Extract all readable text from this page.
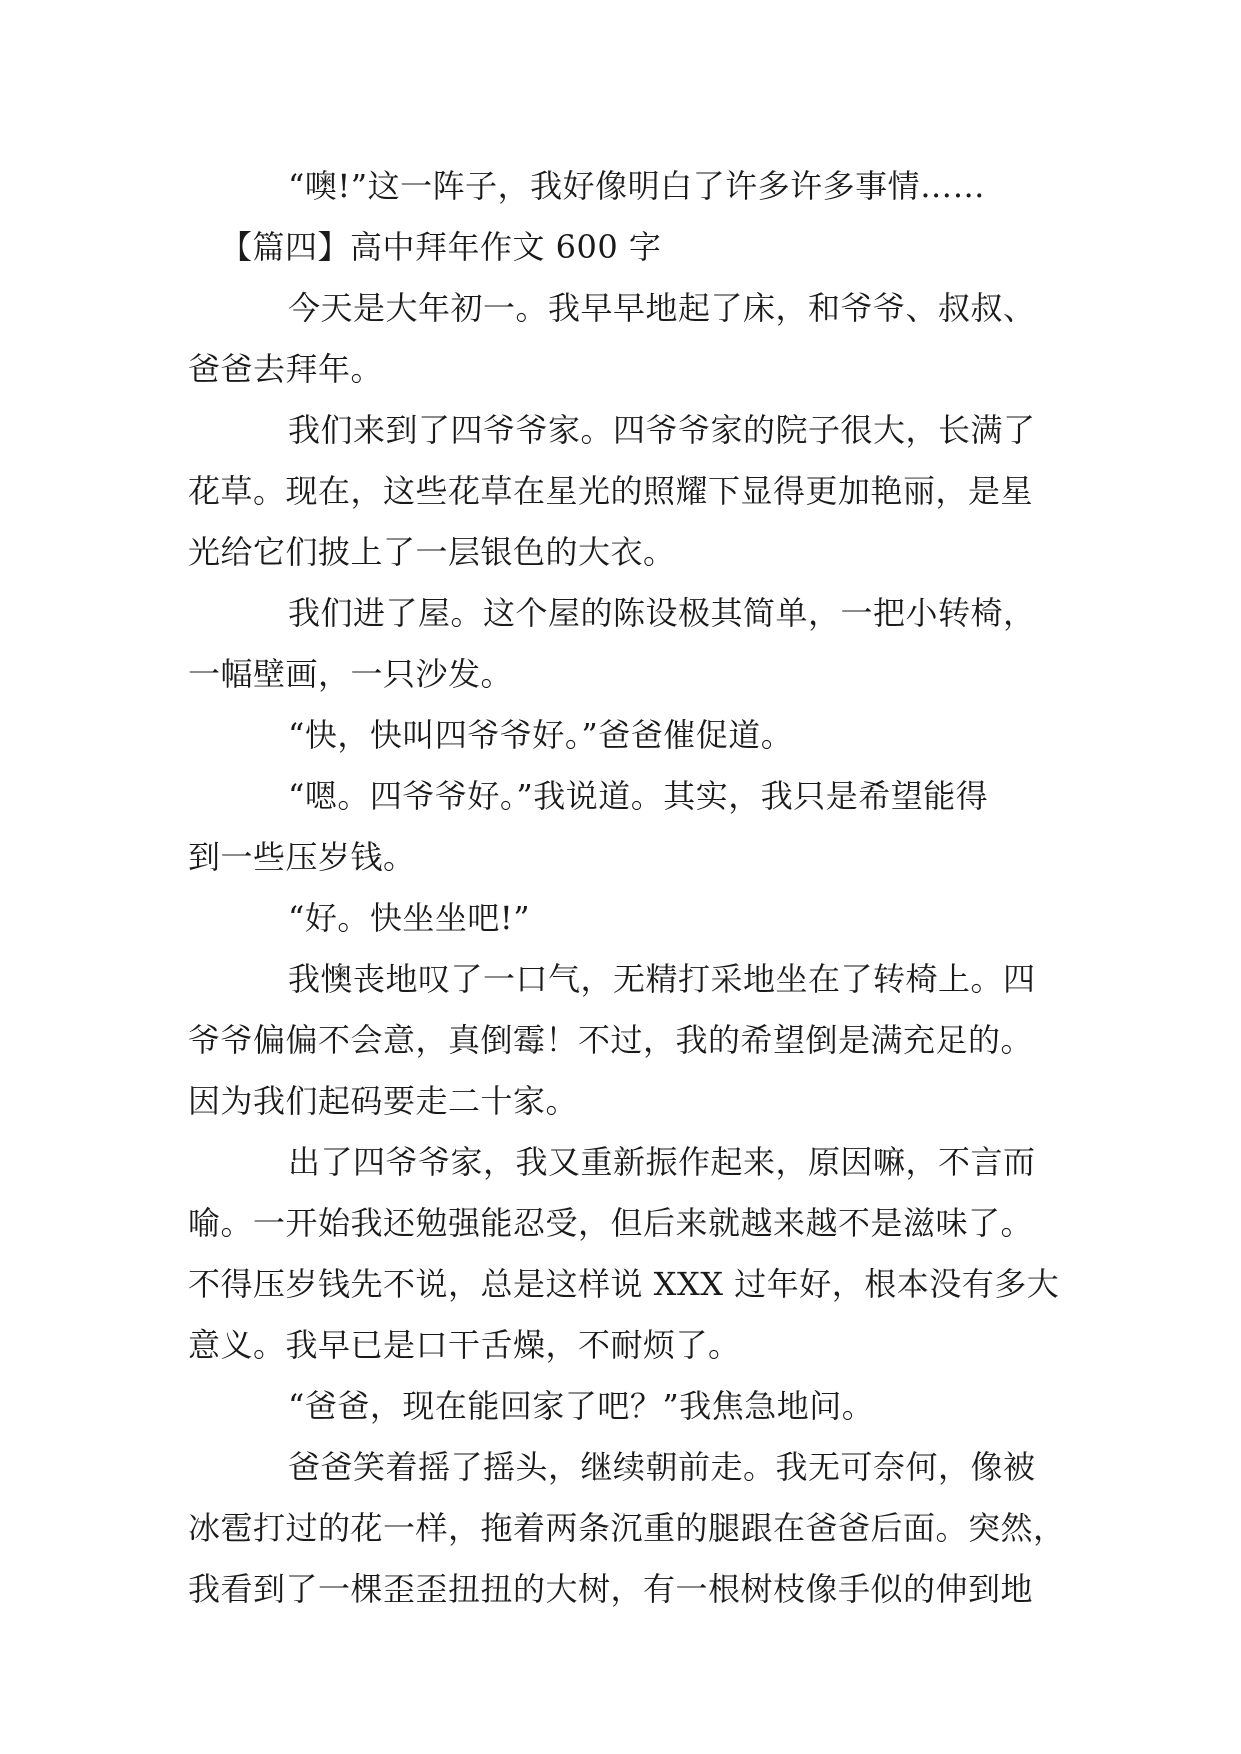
“噢!”这一阵子，我好像明白了许多许多事情……
【篇四】高中拜年作文 600 字
今天是大年初一。我早早地起了床，和爷爷、叔叔、
爸爸去拜年。
我们来到了四爷爷家。四爷爷家的院子很大，长满了
花草。现在，这些花草在星光的照耀下显得更加艳丽，是星
光给它们披上了一层银色的大衣。
我们进了屋。这个屋的陈设极其简单，一把小转椅，
一幅壁画，一只沙发。
“快，快叫四爷爷好。”爸爸催促道。
“嗯。四爷爷好。”我说道。其实，我只是希望能得
到一些压岁钱。
“好。快坐坐吧!”
我懊丧地叹了一口气，无精打采地坐在了转椅上。四
爷爷偏偏不会意，真倒霉！不过，我的希望倒是满充足的。
因为我们起码要走二十家。
出了四爷爷家，我又重新振作起来，原因嘛，不言而
喻。一开始我还勉强能忍受，但后来就越来越不是滋味了。
不得压岁钱先不说，总是这样说 XXX 过年好，根本没有多大
意义。我早已是口干舌燥，不耐烦了。
“爸爸，现在能回家了吧？”我焦急地问。
爸爸笑着摇了摇头，继续朝前走。我无可奈何，像被
冰雹打过的花一样，拖着两条沉重的腿跟在爸爸后面。突然，
我看到了一棵歪歪扭扭的大树，有一根树枝像手似的伸到地
